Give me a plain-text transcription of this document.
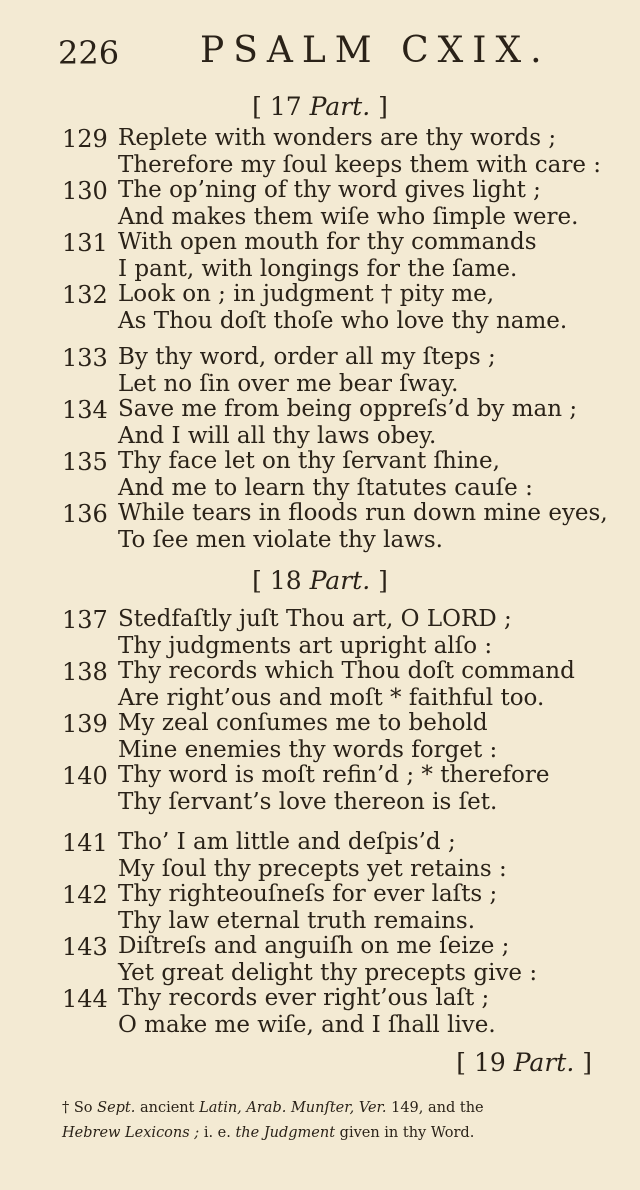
226 PSALM CXIX.
[ 17 Part. ]
129 Replete with wonders are thy words ;
Therefore my ſoul keeps them with care :
130 The op’ning of thy word gives light ;
And makes them wiſe who ſimple were.
131 With open mouth for thy commands
I pant, with longings for the ſame.
132 Look on ; in judgment † pity me,
As Thou doſt thoſe who love thy name.
133 By thy word, order all my ſteps ;
Let no ſin over me bear ſway.
134 Save me from being oppreſs’d by man ;
And I will all thy laws obey.
135 Thy face let on thy ſervant ſhine,
And me to learn thy ſtatutes cauſe :
136 While tears in floods run down mine eyes,
To ſee men violate thy laws.
[ 18 Part. ]
137 Stedfaſtly juſt Thou art, O LORD ;
Thy judgments art upright alſo :
138 Thy records which Thou doſt command
Are right’ous and moſt * faithful too.
139 My zeal conſumes me to behold
Mine enemies thy words forget :
140 Thy word is moſt refin’d ; * therefore
Thy ſervant’s love thereon is ſet.
141 Tho’ I am little and deſpis’d ;
My ſoul thy precepts yet retains :
142 Thy righteouſneſs for ever laſts ;
Thy law eternal truth remains.
143 Diſtreſs and anguiſh on me ſeize ;
Yet great delight thy precepts give :
144 Thy records ever right’ous laſt ;
O make me wiſe, and I ſhall live.
[ 19 Part. ]
† So Sept. ancient Latin, Arab. Munſter, Ver. 149, and the
Hebrew Lexicons ; i. e. the Judgment given in thy Word.
